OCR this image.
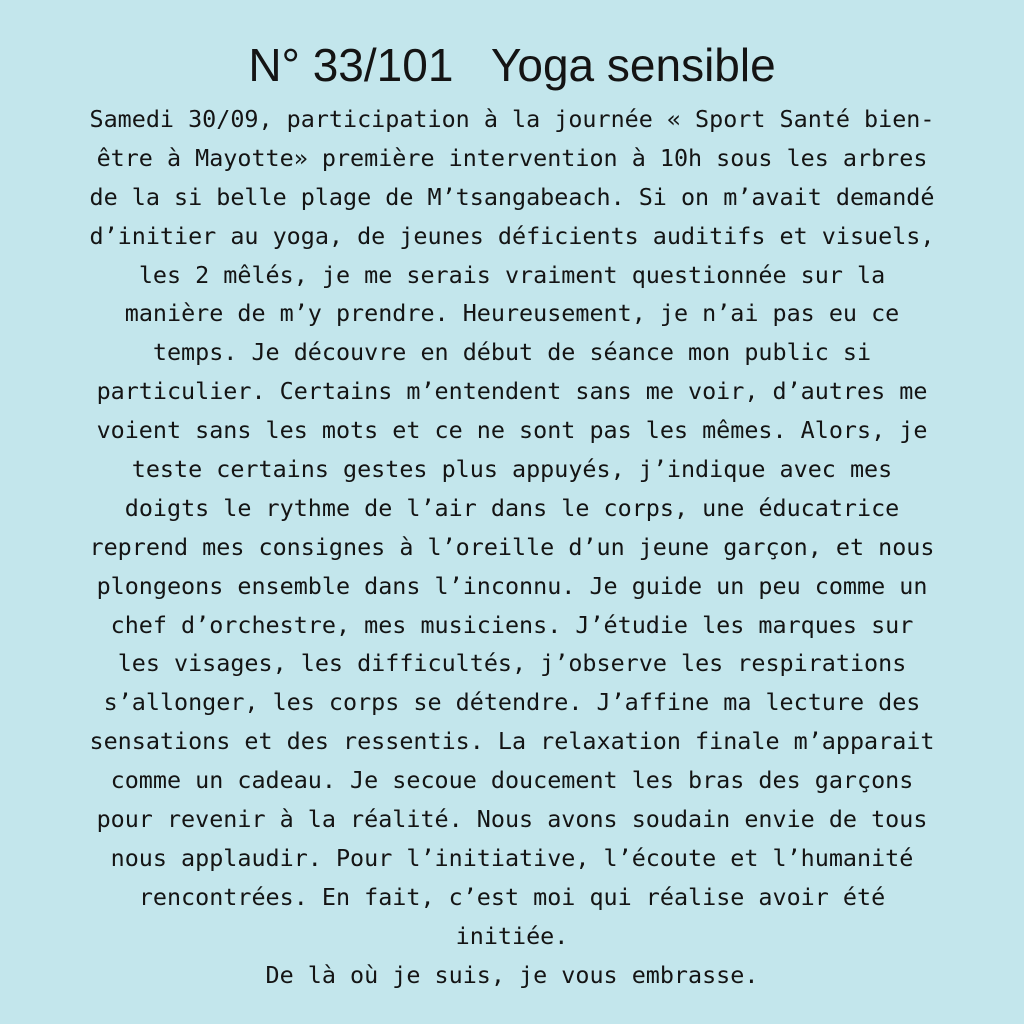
N° 33/101   Yoga sensible
Samedi 30/09, participation à la journée « Sport Santé bien-
être à Mayotte» première intervention à 10h sous les arbres
de la si belle plage de M’tsangabeach. Si on m’avait demandé
d’initier au yoga, de jeunes déficients auditifs et visuels,
les 2 mêlés, je me serais vraiment questionnée sur la
manière de m’y prendre. Heureusement, je n’ai pas eu ce
temps. Je découvre en début de séance mon public si
particulier. Certains m’entendent sans me voir, d’autres me
voient sans les mots et ce ne sont pas les mêmes. Alors, je
teste certains gestes plus appuyés, j’indique avec mes
doigts le rythme de l’air dans le corps, une éducatrice
reprend mes consignes à l’oreille d’un jeune garçon, et nous
plongeons ensemble dans l’inconnu. Je guide un peu comme un
chef d’orchestre, mes musiciens. J’étudie les marques sur
les visages, les difficultés, j’observe les respirations
s’allonger, les corps se détendre. J’affine ma lecture des
sensations et des ressentis. La relaxation finale m’apparait
comme un cadeau. Je secoue doucement les bras des garçons
pour revenir à la réalité. Nous avons soudain envie de tous
nous applaudir. Pour l’initiative, l’écoute et l’humanité
rencontrées. En fait, c’est moi qui réalise avoir été
initiée.
De là où je suis, je vous embrasse.
